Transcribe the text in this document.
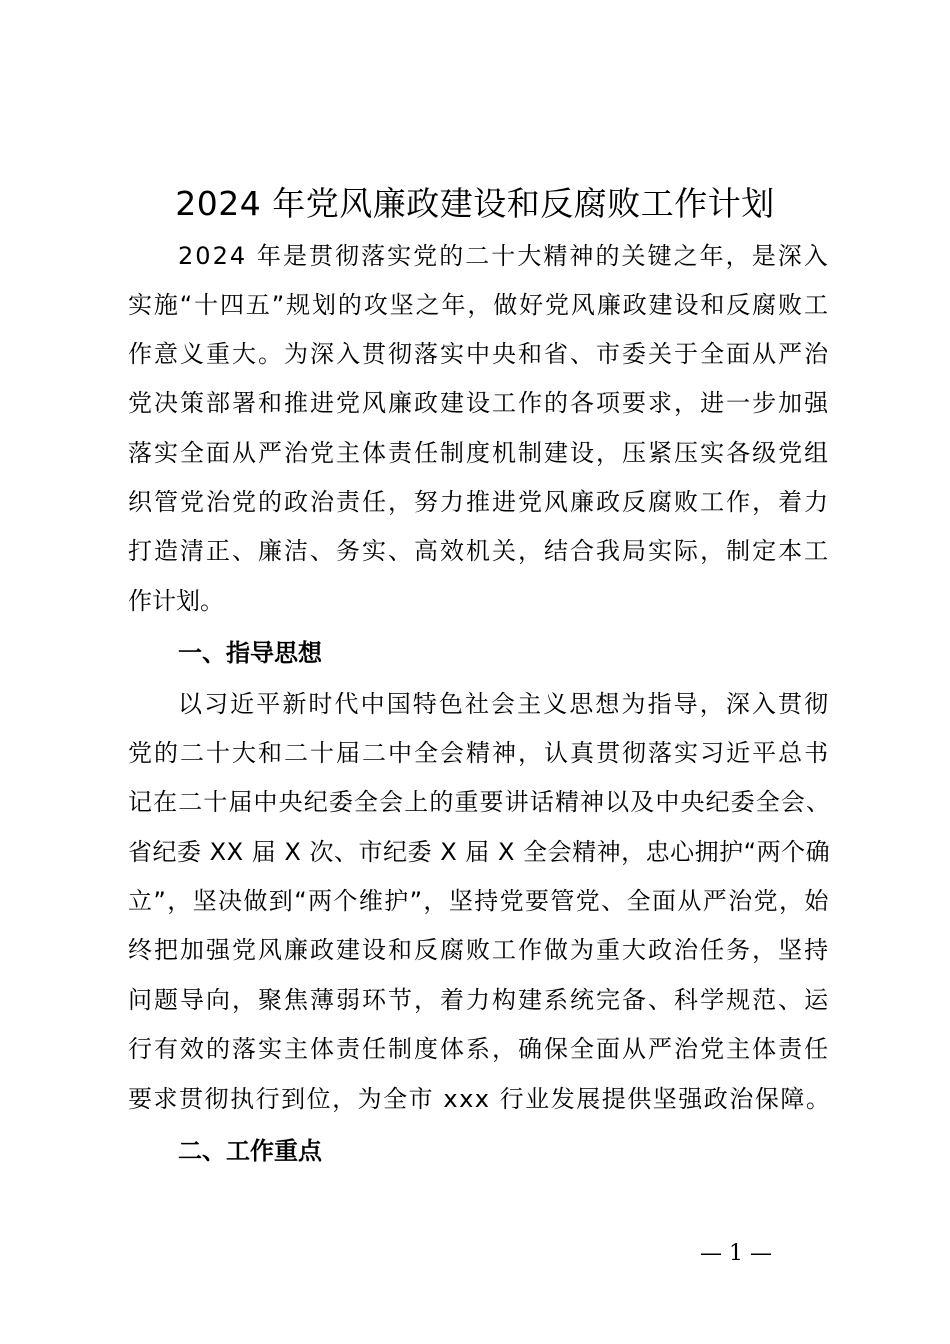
2024 年党风廉政建设和反腐败工作计划
2024 年是贯彻落实党的二十大精神的关键之年，是深入
实施“十四五”规划的攻坚之年，做好党风廉政建设和反腐败工
作意义重大。为深入贯彻落实中央和省、市委关于全面从严治
党决策部署和推进党风廉政建设工作的各项要求，进一步加强
落实全面从严治党主体责任制度机制建设，压紧压实各级党组
织管党治党的政治责任，努力推进党风廉政反腐败工作，着力
打造清正、廉洁、务实、高效机关，结合我局实际，制定本工
作计划。
一、指导思想
以习近平新时代中国特色社会主义思想为指导，深入贯彻
党的二十大和二十届二中全会精神，认真贯彻落实习近平总书
记在二十届中央纪委全会上的重要讲话精神以及中央纪委全会、
省纪委 XX 届 X 次、市纪委 X 届 X 全会精神，忠心拥护“两个确
立”，坚决做到“两个维护”，坚持党要管党、全面从严治党，始
终把加强党风廉政建设和反腐败工作做为重大政治任务，坚持
问题导向，聚焦薄弱环节，着力构建系统完备、科学规范、运
行有效的落实主体责任制度体系，确保全面从严治党主体责任
要求贯彻执行到位，为全市 xxx 行业发展提供坚强政治保障。
二、工作重点
— 1 —
